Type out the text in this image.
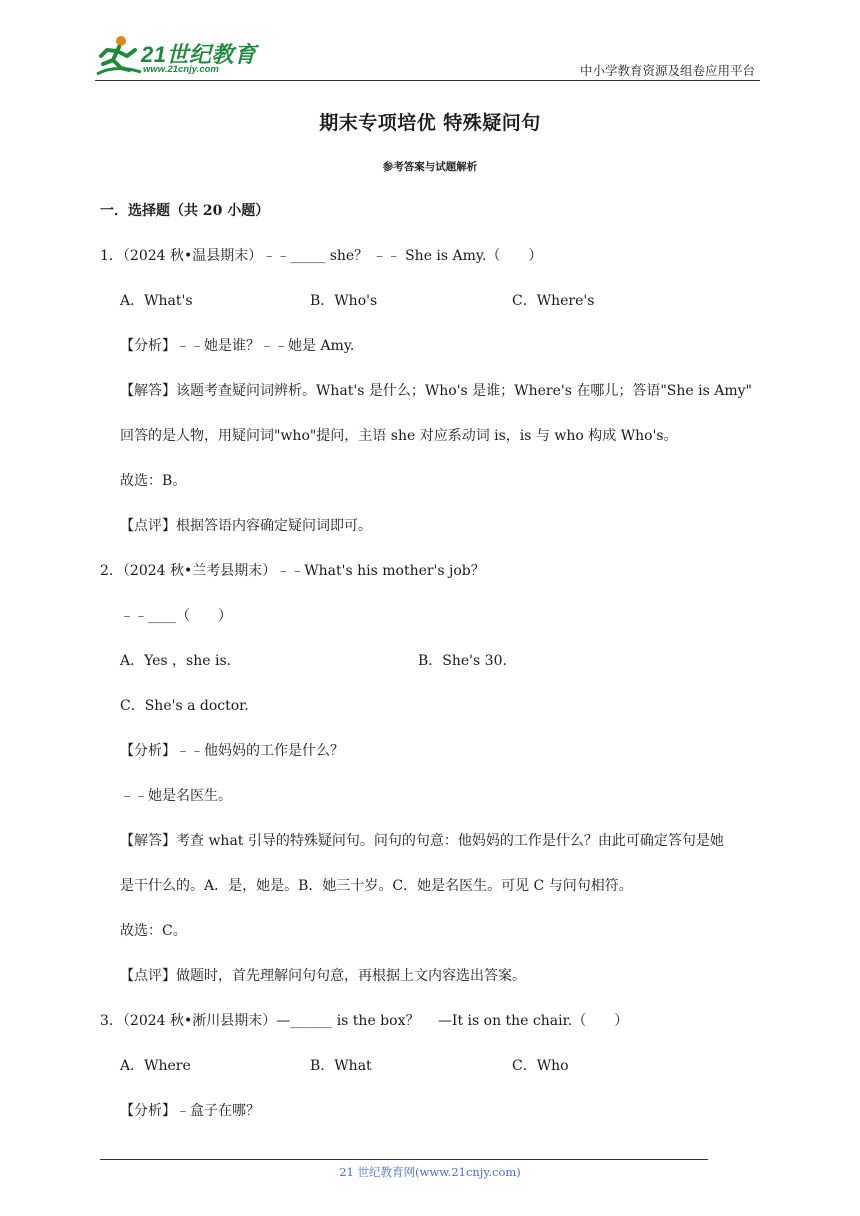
21世纪教育
www.21cnjy.com	中小学教育资源及组卷应用平台
期末专项培优 特殊疑问句
参考答案与试题解析
一．选择题（共 20 小题）
1．（2024 秋•温县期末）﹣﹣_____ she？ ﹣﹣ She is Amy.（　　）
A．What's	B．Who's	C．Where's
【分析】﹣﹣她是谁？﹣﹣她是 Amy.
【解答】该题考查疑问词辨析。What's 是什么；Who's 是谁；Where's 在哪儿；答语"She is Amy"
回答的是人物，用疑问词"who"提问，主语 she 对应系动词 is，is 与 who 构成 Who's。
故选：B。
【点评】根据答语内容确定疑问词即可。
2．（2024 秋•兰考县期末）﹣﹣What's his mother's job？
﹣﹣____（　　）
A．Yes ，she is.	B．She's 30.
C．She's a doctor.
【分析】﹣﹣他妈妈的工作是什么？
﹣﹣她是名医生。
【解答】考查 what 引导的特殊疑问句。问句的句意：他妈妈的工作是什么？由此可确定答句是她
是干什么的。A．是，她是。B．她三十岁。C．她是名医生。可见 C 与问句相符。
故选：C。
【点评】做题时，首先理解问句句意，再根据上文内容选出答案。
3．（2024 秋•淅川县期末）—______ is the box？　 —It is on the chair.（　　）
A．Where	B．What	C．Who
【分析】﹣盒子在哪？
21 世纪教育网(www.21cnjy.com)
